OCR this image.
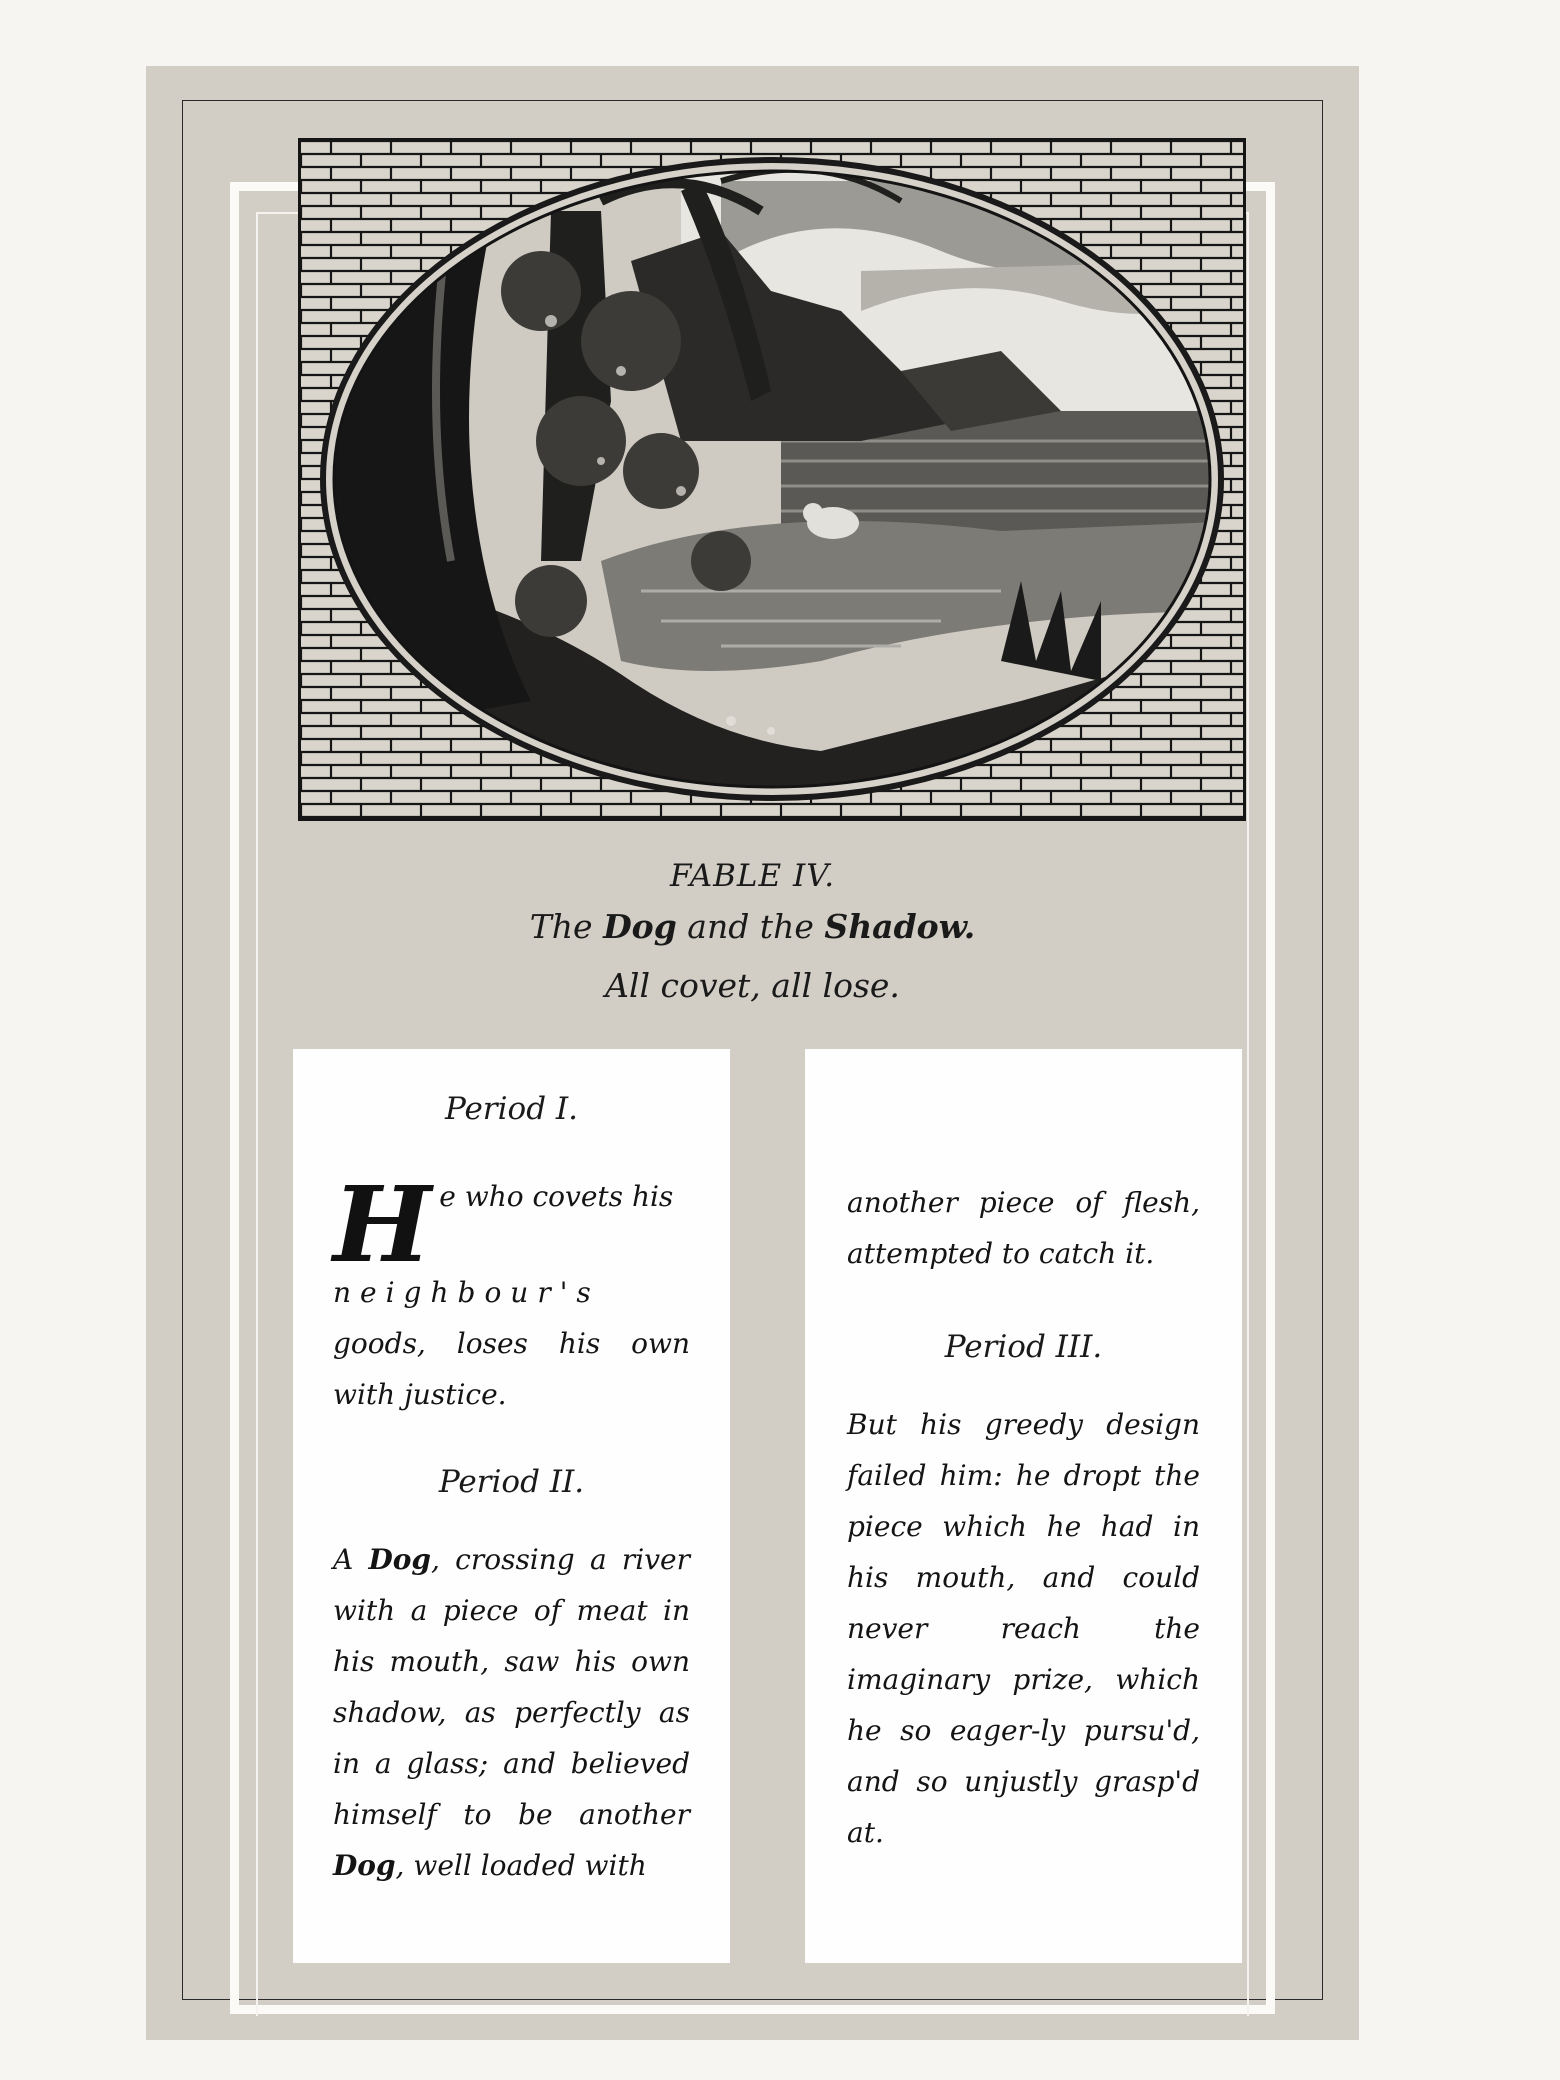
FABLE IV.
The Dog and the Shadow.
All covet, all lose.

Period I.

H e who covets his
neighbour's
goods, loses his own with justice.

Period II.

A Dog, crossing a river with a piece of meat in his mouth, saw his own shadow, as perfectly as in a glass; and believed himself to be another Dog, well loaded with

another piece of flesh, attempted to catch it.

Period III.

But his greedy design failed him: he dropt the piece which he had in his mouth, and could never reach the imaginary prize, which he so eager-ly pursu'd, and so unjustly grasp'd at.
